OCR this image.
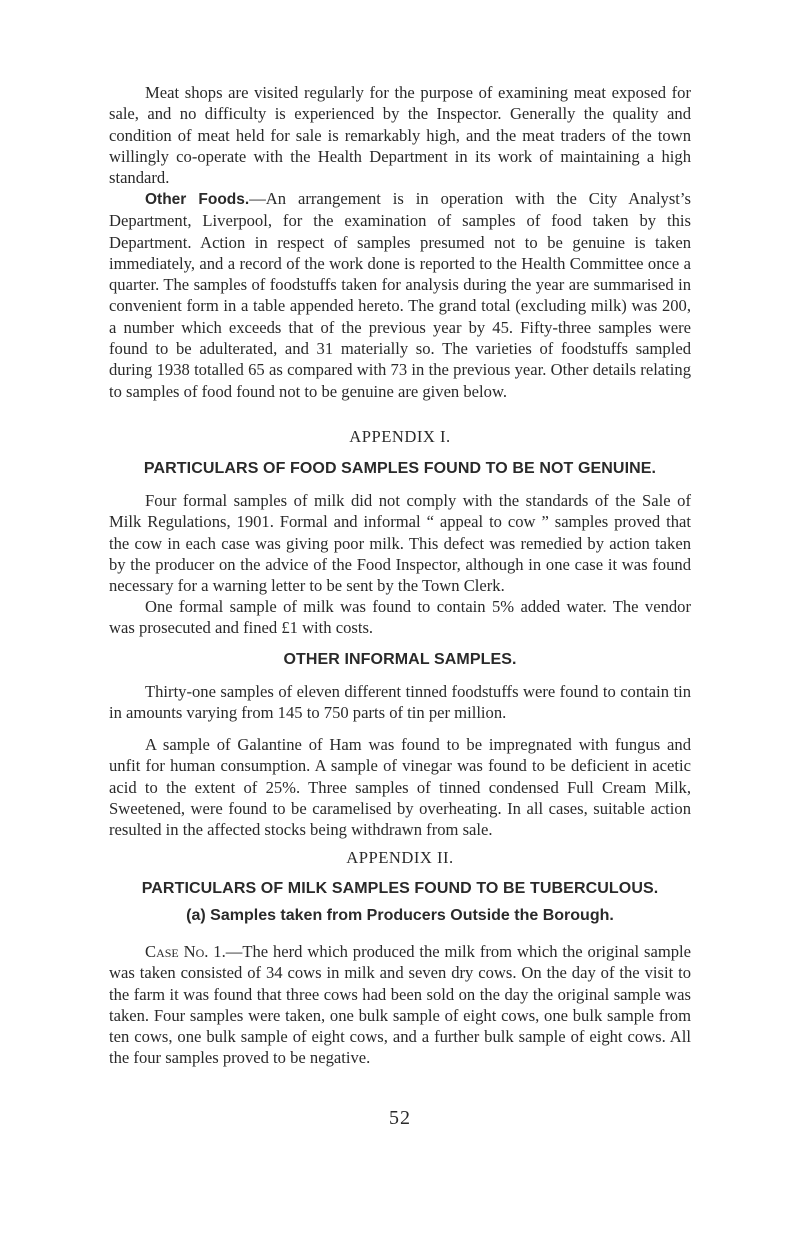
Meat shops are visited regularly for the purpose of examining meat exposed for sale, and no difficulty is experienced by the Inspector. Generally the quality and condition of meat held for sale is remarkably high, and the meat traders of the town willingly co-operate with the Health Department in its work of maintaining a high standard.

Other Foods.—An arrangement is in operation with the City Analyst’s Department, Liverpool, for the examination of samples of food taken by this Department. Action in respect of samples presumed not to be genuine is taken immediately, and a record of the work done is reported to the Health Committee once a quarter. The samples of foodstuffs taken for analysis during the year are summarised in convenient form in a table appended hereto. The grand total (excluding milk) was 200, a number which exceeds that of the previous year by 45. Fifty-three samples were found to be adulterated, and 31 materially so. The varieties of foodstuffs sampled during 1938 totalled 65 as compared with 73 in the previous year. Other details relating to samples of food found not to be genuine are given below.

APPENDIX I.

PARTICULARS OF FOOD SAMPLES FOUND TO BE NOT GENUINE.

Four formal samples of milk did not comply with the standards of the Sale of Milk Regulations, 1901. Formal and informal “ appeal to cow ” samples proved that the cow in each case was giving poor milk. This defect was remedied by action taken by the producer on the advice of the Food Inspector, although in one case it was found necessary for a warning letter to be sent by the Town Clerk.

One formal sample of milk was found to contain 5% added water. The vendor was prosecuted and fined £1 with costs.

OTHER INFORMAL SAMPLES.

Thirty-one samples of eleven different tinned foodstuffs were found to contain tin in amounts varying from 145 to 750 parts of tin per million.

A sample of Galantine of Ham was found to be impregnated with fungus and unfit for human consumption. A sample of vinegar was found to be deficient in acetic acid to the extent of 25%. Three samples of tinned condensed Full Cream Milk, Sweetened, were found to be caramelised by overheating. In all cases, suitable action resulted in the affected stocks being withdrawn from sale.

APPENDIX II.

PARTICULARS OF MILK SAMPLES FOUND TO BE TUBERCULOUS.

(a) Samples taken from Producers Outside the Borough.

Case No. 1.—The herd which produced the milk from which the original sample was taken consisted of 34 cows in milk and seven dry cows. On the day of the visit to the farm it was found that three cows had been sold on the day the original sample was taken. Four samples were taken, one bulk sample of eight cows, one bulk sample from ten cows, one bulk sample of eight cows, and a further bulk sample of eight cows. All the four samples proved to be negative.

52
